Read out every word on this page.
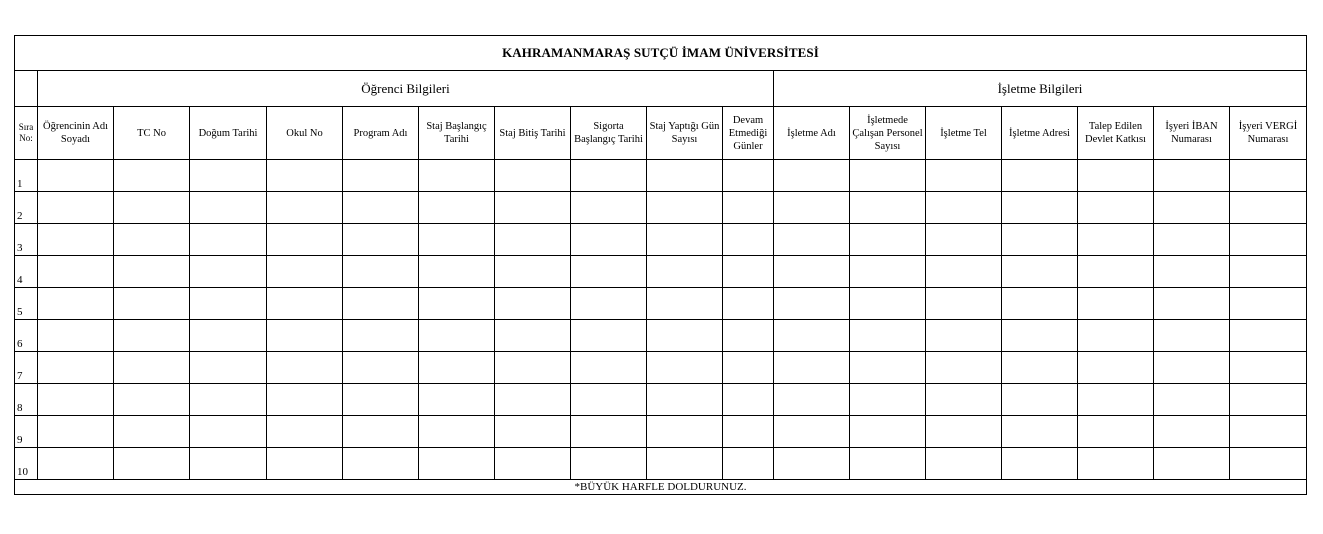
KAHRAMANMARAŞ SUTÇÜ İMAM ÜNİVERSİTESİ																	
	Öğrenci Bilgileri										İşletme Bilgileri						
Sıra No:	Öğrencinin Adı Soyadı	TC No	Doğum Tarihi	Okul No	Program Adı	Staj Başlangıç Tarihi	Staj Bitiş Tarihi	Sigorta Başlangıç Tarihi	Staj Yaptığı Gün Sayısı	Devam Etmediği Günler	İşletme Adı	İşletmede Çalışan Personel Sayısı	İşletme Tel	İşletme Adresi	Talep Edilen Devlet Katkısı	İşyeri İBAN Numarası	İşyeri VERGİ Numarası
1																	
2																	
3																	
4																	
5																	
6																	
7																	
8																	
9																	
10																	
*BÜYÜK HARFLE DOLDURUNUZ.																	
